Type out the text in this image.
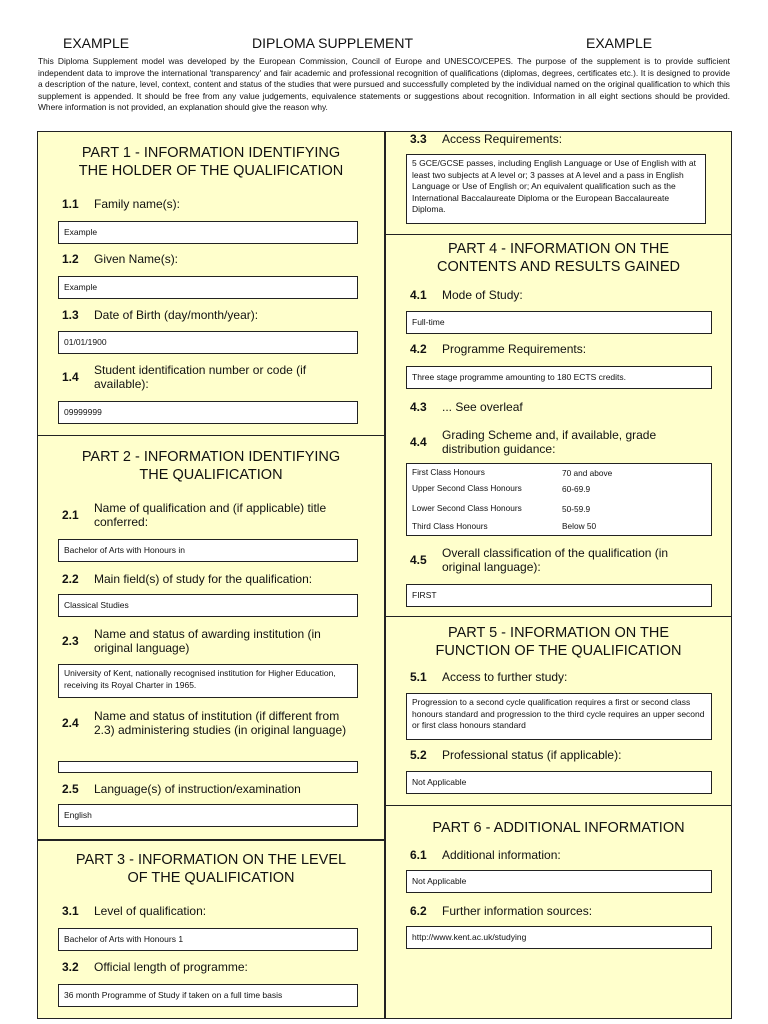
EXAMPLE	DIPLOMA SUPPLEMENT	EXAMPLE
This Diploma Supplement model was developed by the European Commission, Council of Europe and UNESCO/CEPES. The purpose of the supplement is to provide sufficient independent data to improve the international 'transparency' and fair academic and professional recognition of qualifications (diplomas, degrees, certificates etc.). It is designed to provide a description of the nature, level, context, content and status of the studies that were pursued and successfully completed by the individual named on the original qualification to which this supplement is appended. It should be free from any value judgements, equivalence statements or suggestions about recognition. Information in all eight sections should be provided. Where information is not provided, an explanation should give the reason why.
PART 1 - INFORMATION IDENTIFYING
THE HOLDER OF THE QUALIFICATION
1.1	Family name(s):
Example
1.2	Given Name(s):
Example
1.3	Date of Birth (day/month/year):
01/01/1900
1.4	Student identification number or code (if available):
09999999
PART 2 - INFORMATION IDENTIFYING
THE QUALIFICATION
2.1	Name of qualification and (if applicable) title conferred:
Bachelor of Arts with Honours in
2.2	Main field(s) of study for the qualification:
Classical Studies
2.3	Name and status of awarding institution (in original language)
University of Kent, nationally recognised institution for Higher Education, receiving its Royal Charter in 1965.
2.4	Name and status of institution (if different from 2.3) administering studies (in original language)
2.5	Language(s) of instruction/examination
English
PART 3 - INFORMATION ON THE LEVEL
OF THE QUALIFICATION
3.1	Level of qualification:
Bachelor of Arts with Honours 1
3.2	Official length of programme:
36 month Programme of Study if taken on a full time basis
3.3	Access Requirements:
5 GCE/GCSE passes, including English Language or Use of English with at least two subjects at A level or; 3 passes at A level and a pass in English Language or Use of English or; An equivalent qualification such as the International Baccalaureate Diploma or the European Baccalaureate Diploma.
PART 4 - INFORMATION ON THE
CONTENTS AND RESULTS GAINED
4.1	Mode of Study:
Full-time
4.2	Programme Requirements:
Three stage programme amounting to 180 ECTS credits.
4.3	... See overleaf
4.4	Grading Scheme and, if available, grade distribution guidance:
First Class Honours	70 and above
Upper Second Class Honours	60-69.9
Lower Second Class Honours	50-59.9
Third Class Honours	Below 50
4.5	Overall classification of the qualification (in original language):
FIRST
PART 5 - INFORMATION ON THE
FUNCTION OF THE QUALIFICATION
5.1	Access to further study:
Progression to a second cycle qualification requires a first or second class honours standard and progression to the third cycle requires an upper second or first class honours standard
5.2	Professional status (if applicable):
Not Applicable
PART 6 - ADDITIONAL INFORMATION
6.1	Additional information:
Not Applicable
6.2	Further information sources:
http://www.kent.ac.uk/studying
